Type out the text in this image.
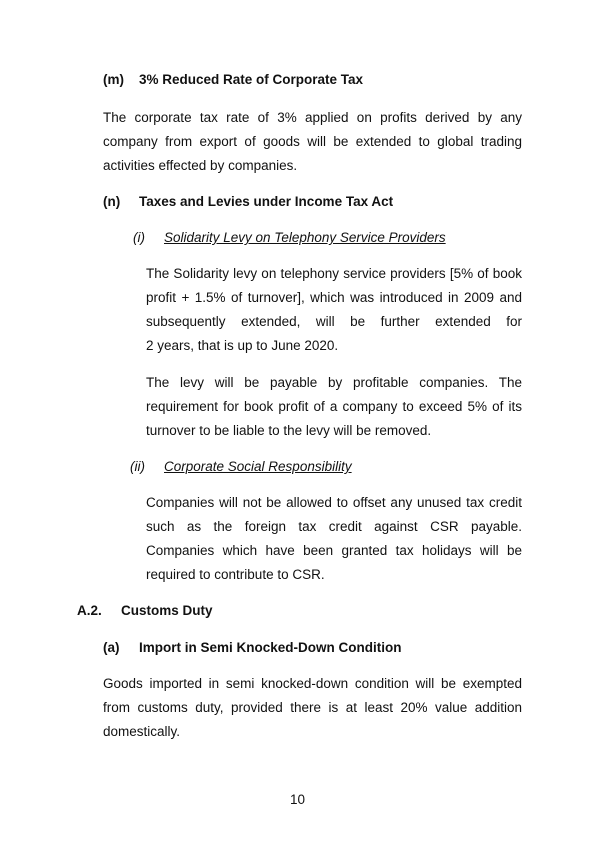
(m) 3% Reduced Rate of Corporate Tax
The corporate tax rate of 3% applied on profits derived by any
company from export of goods will be extended to global trading
activities effected by companies.
(n) Taxes and Levies under Income Tax Act
(i) Solidarity Levy on Telephony Service Providers
The Solidarity levy on telephony service providers [5% of book
profit + 1.5% of turnover], which was introduced in 2009 and
subsequently extended, will be further extended for
2 years, that is up to June 2020.
The levy will be payable by profitable companies. The
requirement for book profit of a company to exceed 5% of its
turnover to be liable to the levy will be removed.
(ii) Corporate Social Responsibility
Companies will not be allowed to offset any unused tax credit
such as the foreign tax credit against CSR payable.
Companies which have been granted tax holidays will be
required to contribute to CSR.
A.2. Customs Duty
(a) Import in Semi Knocked-Down Condition
Goods imported in semi knocked-down condition will be exempted
from customs duty, provided there is at least 20% value addition
domestically.
10
